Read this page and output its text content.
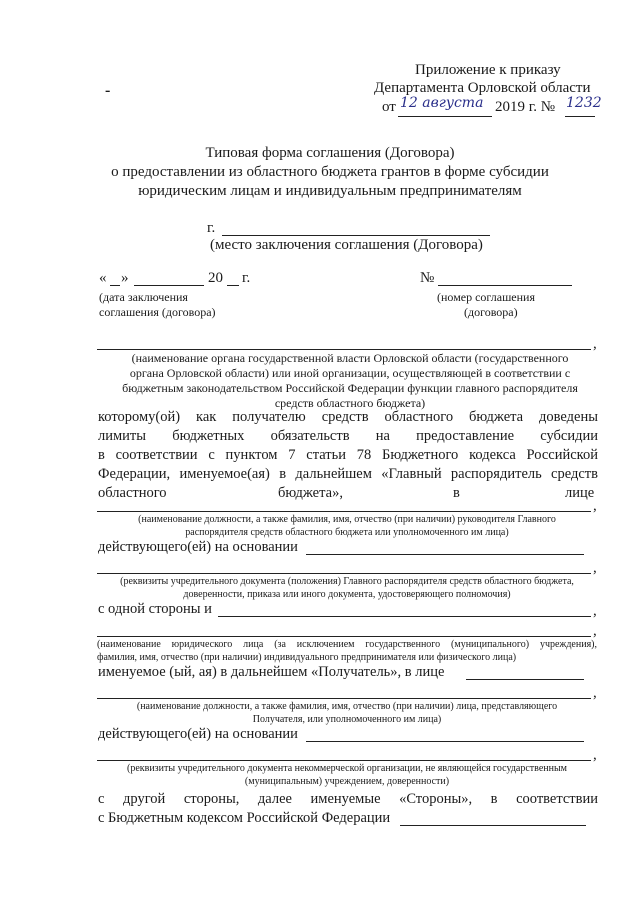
Приложение к приказу
Департамента Орловской области
-
от 12 августа 2019 г. № 1232
Типовая форма соглашения (Договора)
о предоставлении из областного бюджета грантов в форме субсидии
юридическим лицам и индивидуальным предпринимателям
г.
(место заключения соглашения (Договора)
« »	20 г.	№
(дата заключения
соглашения (договора)
(номер соглашения
(договора)
,
(наименование органа государственной власти Орловской области (государственного
органа Орловской области) или иной организации, осуществляющей в соответствии с
бюджетным законодательством Российской Федерации функции главного распорядителя
средств областного бюджета)
которому(ой) как получателю средств областного бюджета доведены
лимиты бюджетных обязательств на предоставление субсидии
в соответствии с пунктом 7 статьи 78 Бюджетного кодекса Российской
Федерации, именуемое(ая) в дальнейшем «Главный распорядитель средств
областного	бюджета»,	в	лице
,
(наименование должности, а также фамилия, имя, отчество (при наличии) руководителя Главного
распорядителя средств областного бюджета или уполномоченного им лица)
действующего(ей) на основании
,
(реквизиты учредительного документа (положения) Главного распорядителя средств областного бюджета,
доверенности, приказа или иного документа, удостоверяющего полномочия)
с одной стороны и	,
,
(наименование юридического лица (за исключением государственного (муниципального) учреждения),
фамилия, имя, отчество (при наличии) индивидуального предпринимателя или физического лица)
именуемое (ый, ая) в дальнейшем «Получатель», в лице
,
(наименование должности, а также фамилия, имя, отчество (при наличии) лица, представляющего
Получателя, или уполномоченного им лица)
действующего(ей) на основании
,
(реквизиты учредительного документа некоммерческой организации, не являющейся государственным
(муниципальным) учреждением, доверенности)
с другой стороны, далее именуемые «Стороны», в соответствии
с Бюджетным кодексом Российской Федерации
